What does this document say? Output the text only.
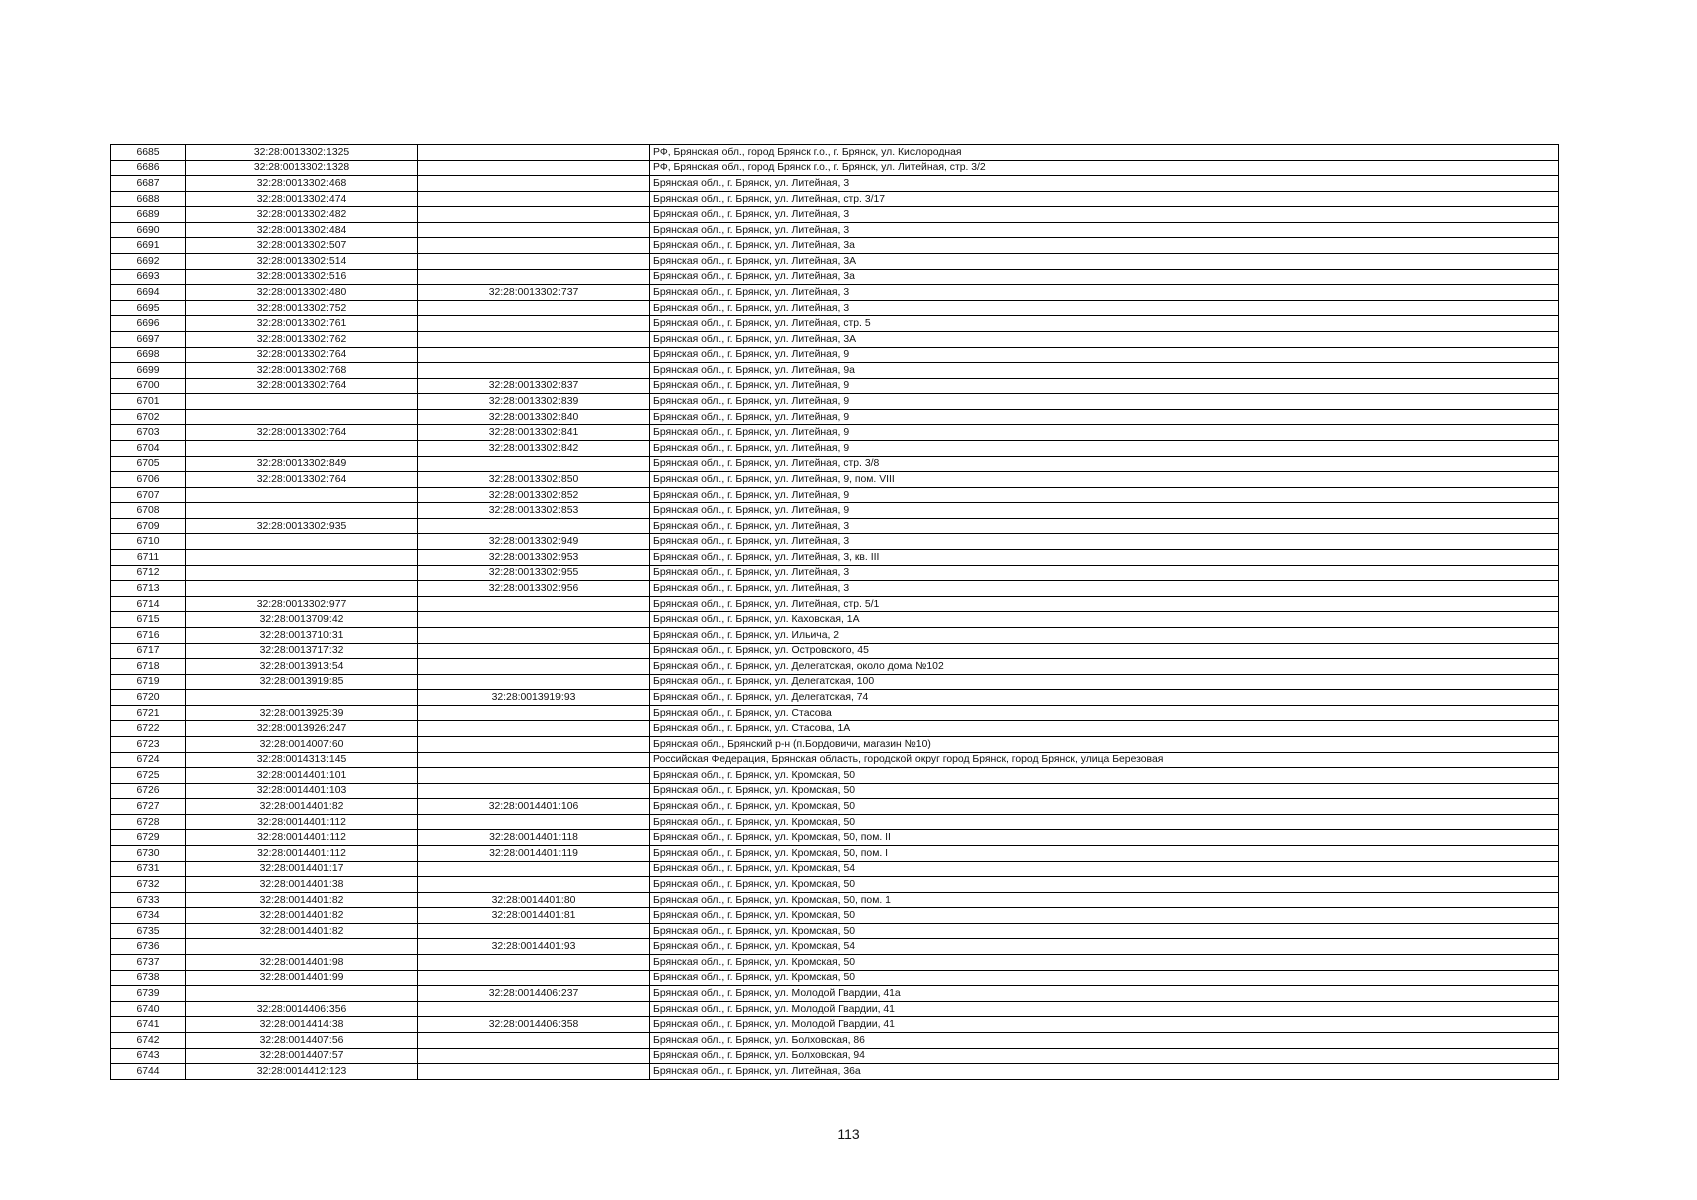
6685	32:28:0013302:1325		РФ, Брянская обл., город Брянск г.о., г. Брянск, ул. Кислородная
6686	32:28:0013302:1328		РФ, Брянская обл., город Брянск г.о., г. Брянск, ул. Литейная, стр. 3/2
6687	32:28:0013302:468		Брянская обл., г. Брянск, ул. Литейная, 3
6688	32:28:0013302:474		Брянская обл., г. Брянск, ул. Литейная, стр. 3/17
6689	32:28:0013302:482		Брянская обл., г. Брянск, ул. Литейная, 3
6690	32:28:0013302:484		Брянская обл., г. Брянск, ул. Литейная, 3
6691	32:28:0013302:507		Брянская обл., г. Брянск, ул. Литейная, 3а
6692	32:28:0013302:514		Брянская обл., г. Брянск, ул. Литейная, 3А
6693	32:28:0013302:516		Брянская обл., г. Брянск, ул. Литейная, 3а
6694	32:28:0013302:480	32:28:0013302:737	Брянская обл., г. Брянск, ул. Литейная, 3
6695	32:28:0013302:752		Брянская обл., г. Брянск, ул. Литейная, 3
6696	32:28:0013302:761		Брянская обл., г. Брянск, ул. Литейная, стр. 5
6697	32:28:0013302:762		Брянская обл., г. Брянск, ул. Литейная, 3А
6698	32:28:0013302:764		Брянская обл., г. Брянск, ул. Литейная, 9
6699	32:28:0013302:768		Брянская обл., г. Брянск, ул. Литейная, 9а
6700	32:28:0013302:764	32:28:0013302:837	Брянская обл., г. Брянск, ул. Литейная, 9
6701		32:28:0013302:839	Брянская обл., г. Брянск, ул. Литейная, 9
6702		32:28:0013302:840	Брянская обл., г. Брянск, ул. Литейная, 9
6703	32:28:0013302:764	32:28:0013302:841	Брянская обл., г. Брянск, ул. Литейная, 9
6704		32:28:0013302:842	Брянская обл., г. Брянск, ул. Литейная, 9
6705	32:28:0013302:849		Брянская обл., г. Брянск, ул. Литейная, стр. 3/8
6706	32:28:0013302:764	32:28:0013302:850	Брянская обл., г. Брянск, ул. Литейная, 9, пом. VIII
6707		32:28:0013302:852	Брянская обл., г. Брянск, ул. Литейная, 9
6708		32:28:0013302:853	Брянская обл., г. Брянск, ул. Литейная, 9
6709	32:28:0013302:935		Брянская обл., г. Брянск, ул. Литейная, 3
6710		32:28:0013302:949	Брянская обл., г. Брянск, ул. Литейная, 3
6711		32:28:0013302:953	Брянская обл., г. Брянск, ул. Литейная, 3, кв. III
6712		32:28:0013302:955	Брянская обл., г. Брянск, ул. Литейная, 3
6713		32:28:0013302:956	Брянская обл., г. Брянск, ул. Литейная, 3
6714	32:28:0013302:977		Брянская обл., г. Брянск, ул. Литейная, стр. 5/1
6715	32:28:0013709:42		Брянская обл., г. Брянск, ул. Каховская, 1А
6716	32:28:0013710:31		Брянская обл., г. Брянск, ул. Ильича, 2
6717	32:28:0013717:32		Брянская обл., г. Брянск, ул. Островского, 45
6718	32:28:0013913:54		Брянская обл., г. Брянск, ул. Делегатская, около дома №102
6719	32:28:0013919:85		Брянская обл., г. Брянск, ул. Делегатская, 100
6720		32:28:0013919:93	Брянская обл., г. Брянск, ул. Делегатская, 74
6721	32:28:0013925:39		Брянская обл., г. Брянск, ул. Стасова
6722	32:28:0013926:247		Брянская обл., г. Брянск, ул. Стасова, 1А
6723	32:28:0014007:60		Брянская обл., Брянский р-н (п.Бордовичи, магазин №10)
6724	32:28:0014313:145		Российская Федерация, Брянская область, городской округ город Брянск, город Брянск, улица Березовая
6725	32:28:0014401:101		Брянская обл., г. Брянск, ул. Кромская, 50
6726	32:28:0014401:103		Брянская обл., г. Брянск, ул. Кромская, 50
6727	32:28:0014401:82	32:28:0014401:106	Брянская обл., г. Брянск, ул. Кромская, 50
6728	32:28:0014401:112		Брянская обл., г. Брянск, ул. Кромская, 50
6729	32:28:0014401:112	32:28:0014401:118	Брянская обл., г. Брянск, ул. Кромская, 50, пом. II
6730	32:28:0014401:112	32:28:0014401:119	Брянская обл., г. Брянск, ул. Кромская, 50, пом. I
6731	32:28:0014401:17		Брянская обл., г. Брянск, ул. Кромская, 54
6732	32:28:0014401:38		Брянская обл., г. Брянск, ул. Кромская, 50
6733	32:28:0014401:82	32:28:0014401:80	Брянская обл., г. Брянск, ул. Кромская, 50, пом. 1
6734	32:28:0014401:82	32:28:0014401:81	Брянская обл., г. Брянск, ул. Кромская, 50
6735	32:28:0014401:82		Брянская обл., г. Брянск, ул. Кромская, 50
6736		32:28:0014401:93	Брянская обл., г. Брянск, ул. Кромская, 54
6737	32:28:0014401:98		Брянская обл., г. Брянск, ул. Кромская, 50
6738	32:28:0014401:99		Брянская обл., г. Брянск, ул. Кромская, 50
6739		32:28:0014406:237	Брянская обл., г. Брянск, ул. Молодой Гвардии, 41а
6740	32:28:0014406:356		Брянская обл., г. Брянск, ул. Молодой Гвардии, 41
6741	32:28:0014414:38	32:28:0014406:358	Брянская обл., г. Брянск, ул. Молодой Гвардии, 41
6742	32:28:0014407:56		Брянская обл., г. Брянск, ул. Болховская, 86
6743	32:28:0014407:57		Брянская обл., г. Брянск, ул. Болховская, 94
6744	32:28:0014412:123		Брянская обл., г. Брянск, ул. Литейная, 36а
113
